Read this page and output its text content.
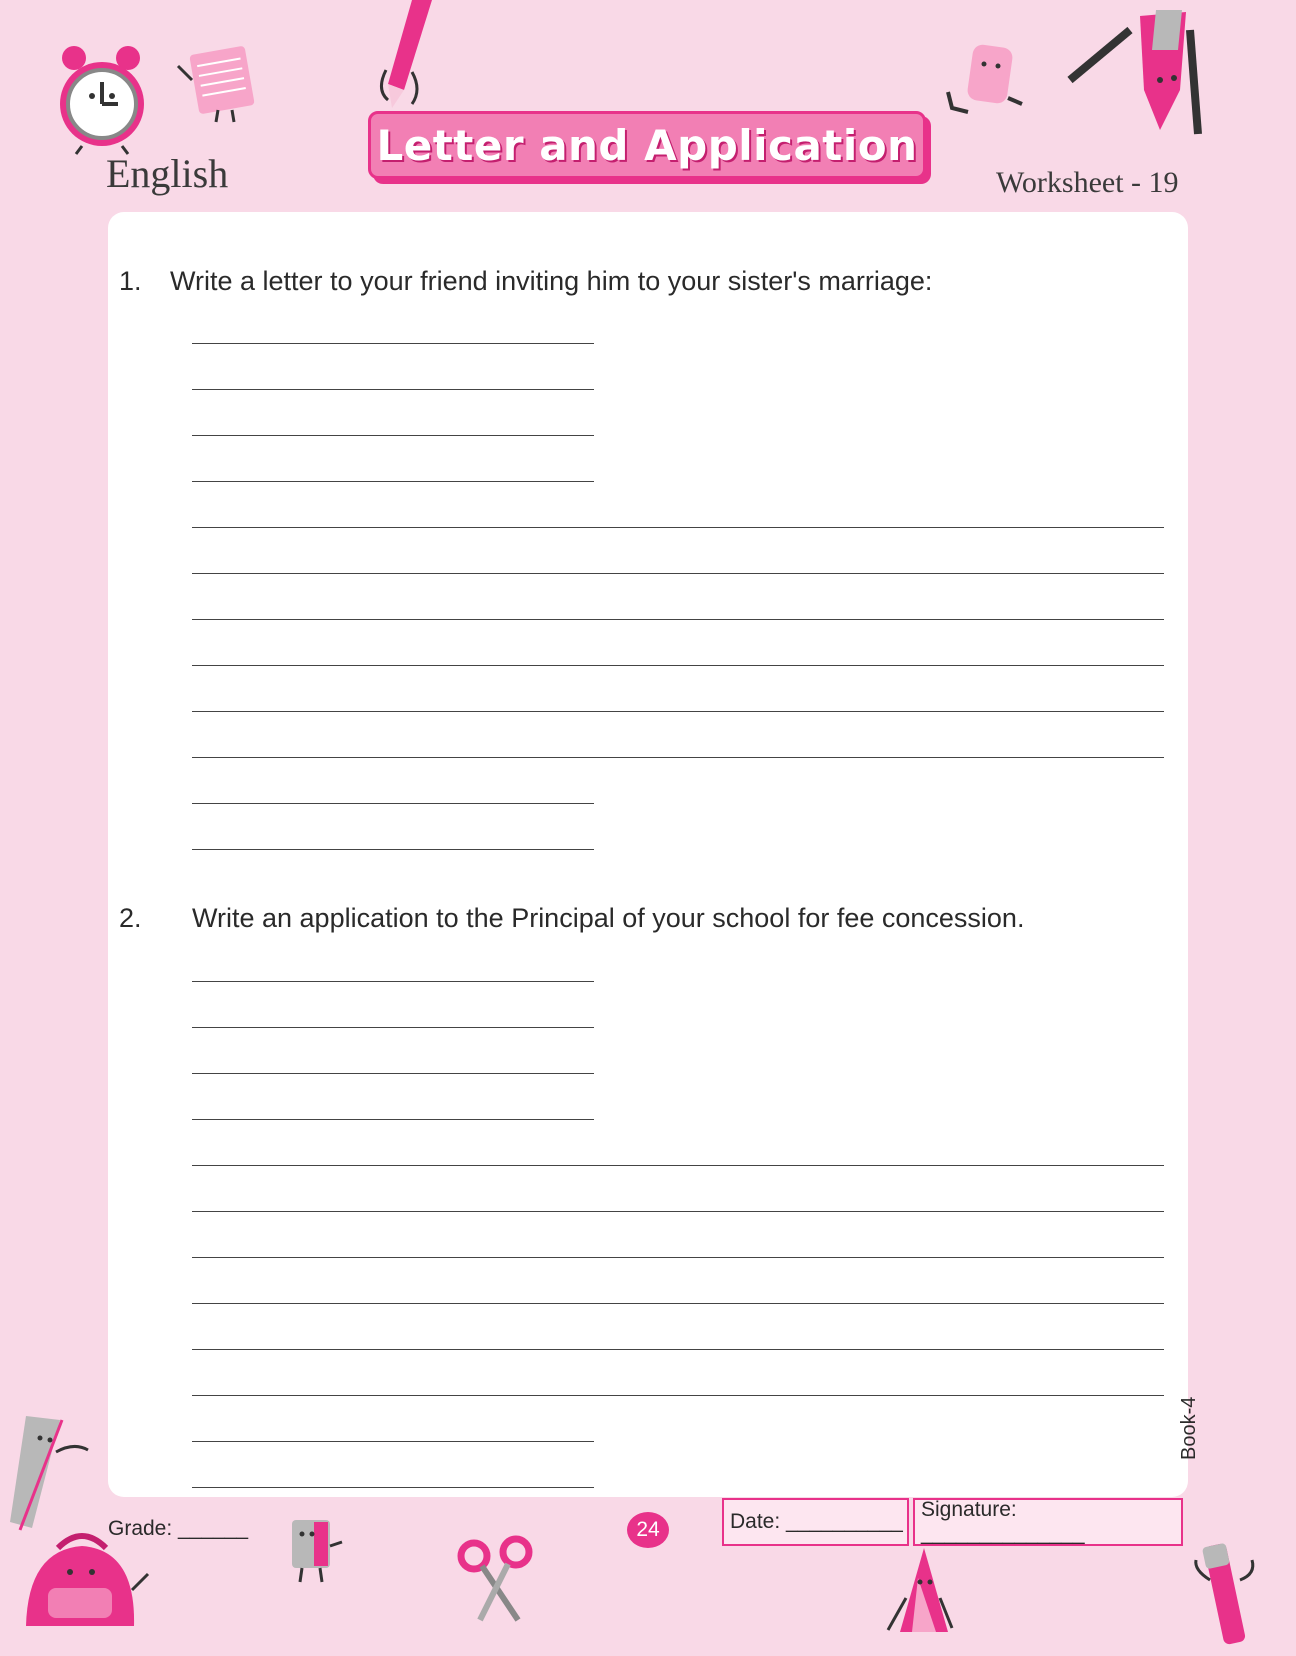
English
Letter and Application
Worksheet - 19
1. Write a letter to your friend inviting him to your sister's marriage:
2. Write an application to the Principal of your school for fee concession.
Book-4
Grade: ______	24	Date: __________
Signature: ______________
